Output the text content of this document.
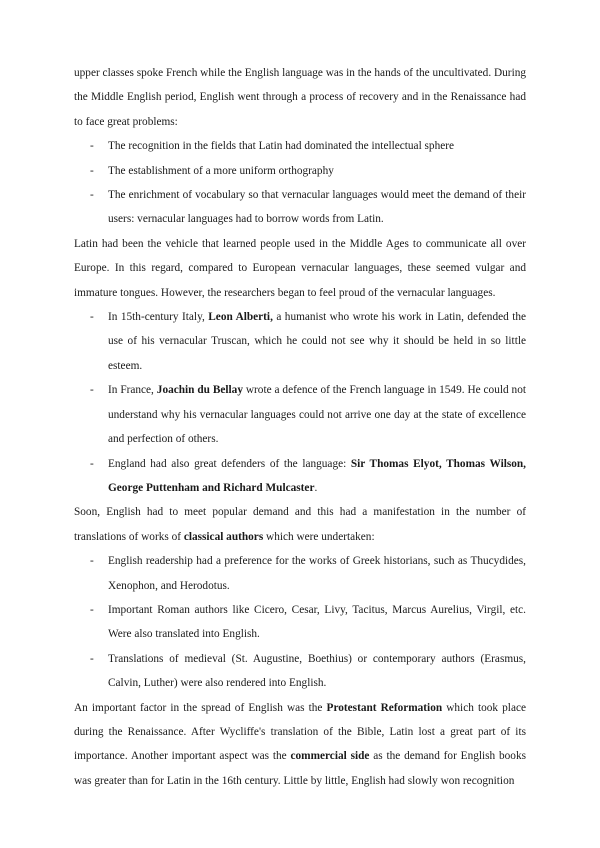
upper classes spoke French while the English language was in the hands of the uncultivated. During the Middle English period, English went through a process of recovery and in the Renaissance had to face great problems:

- The recognition in the fields that Latin had dominated the intellectual sphere
- The establishment of a more uniform orthography
- The enrichment of vocabulary so that vernacular languages would meet the demand of their users: vernacular languages had to borrow words from Latin.

Latin had been the vehicle that learned people used in the Middle Ages to communicate all over Europe. In this regard, compared to European vernacular languages, these seemed vulgar and immature tongues. However, the researchers began to feel proud of the vernacular languages.

- In 15th-century Italy, Leon Alberti, a humanist who wrote his work in Latin, defended the use of his vernacular Truscan, which he could not see why it should be held in so little esteem.
- In France, Joachin du Bellay wrote a defence of the French language in 1549. He could not understand why his vernacular languages could not arrive one day at the state of excellence and perfection of others.
- England had also great defenders of the language: Sir Thomas Elyot, Thomas Wilson, George Puttenham and Richard Mulcaster.

Soon, English had to meet popular demand and this had a manifestation in the number of translations of works of classical authors which were undertaken:

- English readership had a preference for the works of Greek historians, such as Thucydides, Xenophon, and Herodotus.
- Important Roman authors like Cicero, Cesar, Livy, Tacitus, Marcus Aurelius, Virgil, etc. Were also translated into English.
- Translations of medieval (St. Augustine, Boethius) or contemporary authors (Erasmus, Calvin, Luther) were also rendered into English.

An important factor in the spread of English was the Protestant Reformation which took place during the Renaissance. After Wycliffe's translation of the Bible, Latin lost a great part of its importance. Another important aspect was the commercial side as the demand for English books was greater than for Latin in the 16th century. Little by little, English had slowly won recognition
